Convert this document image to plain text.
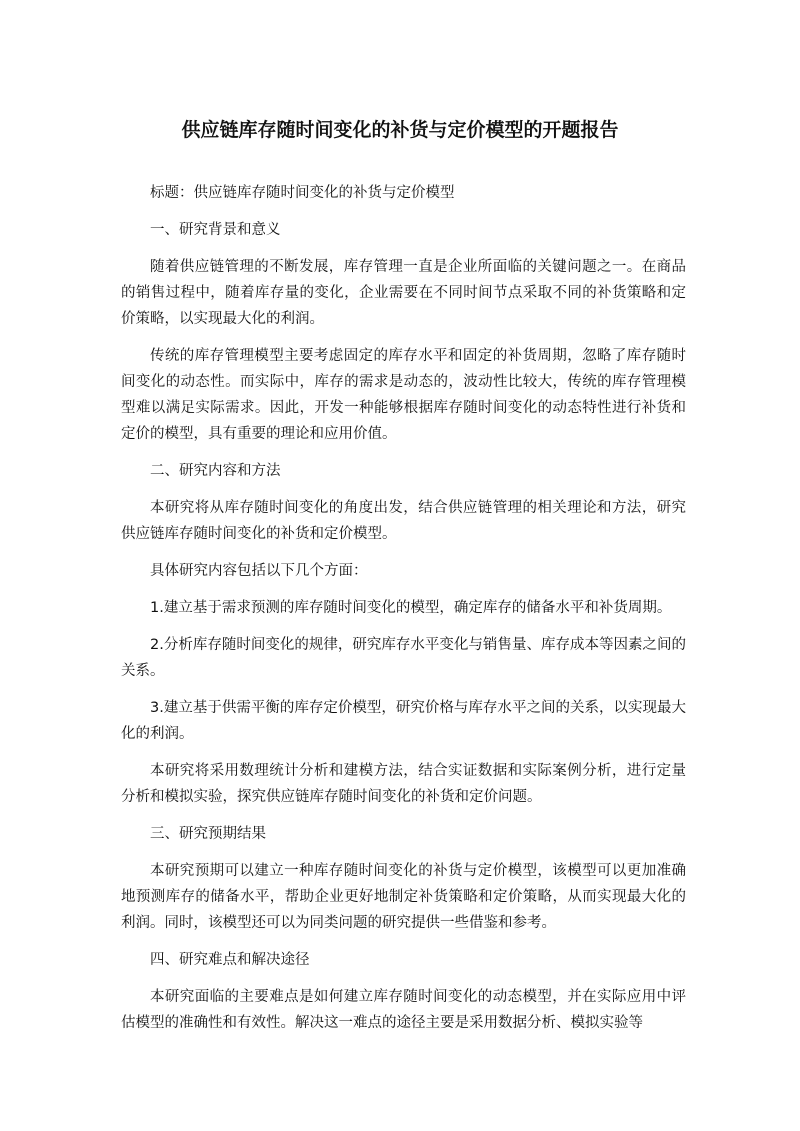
供应链库存随时间变化的补货与定价模型的开题报告

标题：供应链库存随时间变化的补货与定价模型

一、研究背景和意义

随着供应链管理的不断发展，库存管理一直是企业所面临的关键问题之一。在商品的销售过程中，随着库存量的变化，企业需要在不同时间节点采取不同的补货策略和定价策略，以实现最大化的利润。

传统的库存管理模型主要考虑固定的库存水平和固定的补货周期，忽略了库存随时间变化的动态性。而实际中，库存的需求是动态的，波动性比较大，传统的库存管理模型难以满足实际需求。因此，开发一种能够根据库存随时间变化的动态特性进行补货和定价的模型，具有重要的理论和应用价值。

二、研究内容和方法

本研究将从库存随时间变化的角度出发，结合供应链管理的相关理论和方法，研究供应链库存随时间变化的补货和定价模型。

具体研究内容包括以下几个方面：

1.建立基于需求预测的库存随时间变化的模型，确定库存的储备水平和补货周期。

2.分析库存随时间变化的规律，研究库存水平变化与销售量、库存成本等因素之间的关系。

3.建立基于供需平衡的库存定价模型，研究价格与库存水平之间的关系，以实现最大化的利润。

本研究将采用数理统计分析和建模方法，结合实证数据和实际案例分析，进行定量分析和模拟实验，探究供应链库存随时间变化的补货和定价问题。

三、研究预期结果

本研究预期可以建立一种库存随时间变化的补货与定价模型，该模型可以更加准确地预测库存的储备水平，帮助企业更好地制定补货策略和定价策略，从而实现最大化的利润。同时，该模型还可以为同类问题的研究提供一些借鉴和参考。

四、研究难点和解决途径

本研究面临的主要难点是如何建立库存随时间变化的动态模型，并在实际应用中评估模型的准确性和有效性。解决这一难点的途径主要是采用数据分析、模拟实验等
